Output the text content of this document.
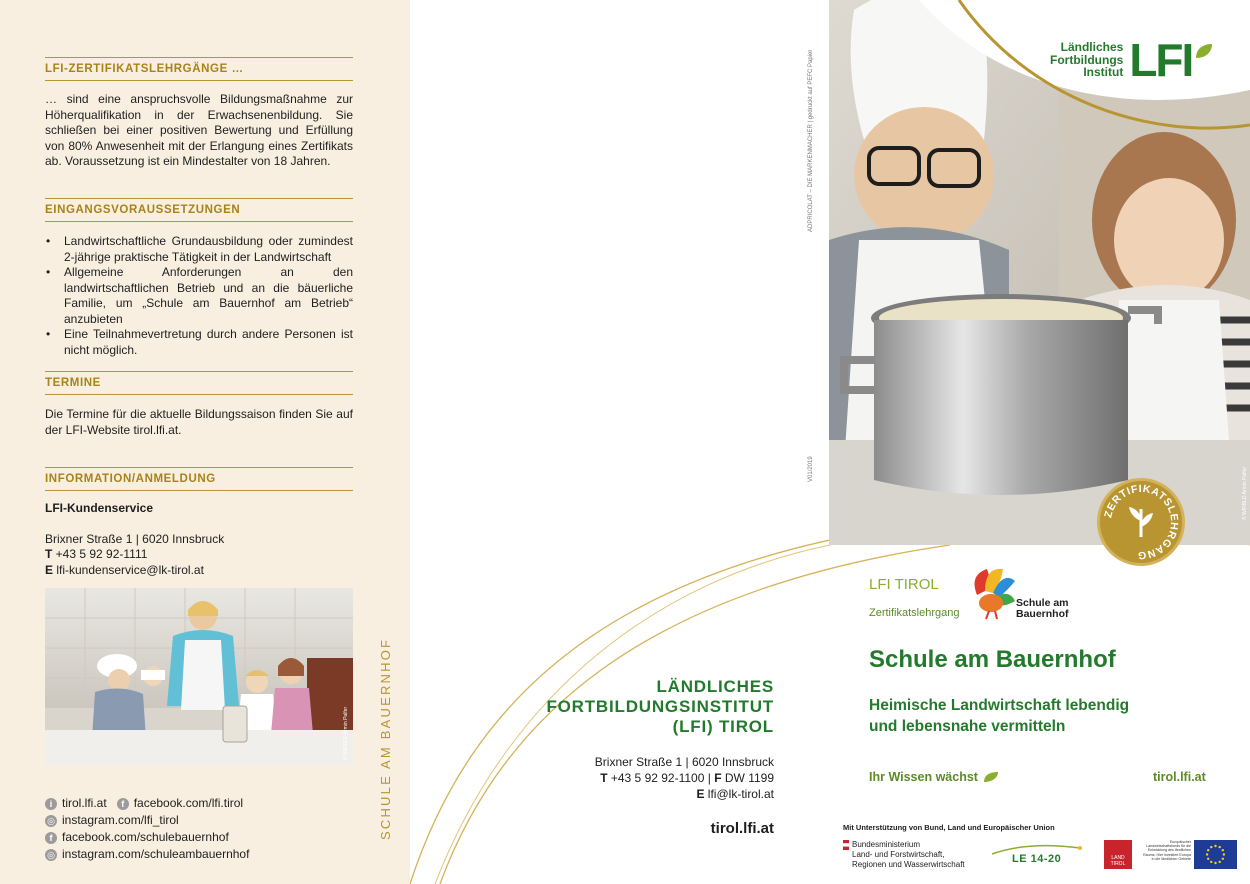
LFI-ZERTIFIKATSLEHRGÄNGE …
… sind eine anspruchsvolle Bildungsmaßnahme zur Höherqualifikation in der Erwachsenenbildung. Sie schließen bei einer positiven Bewertung und Erfüllung von 80% Anwesenheit mit der Erlangung eines Zertifikats ab. Voraussetzung ist ein Mindestalter von 18 Jahren.
EINGANGSVORAUSSETZUNGEN
• Landwirtschaftliche Grundausbildung oder zumindest 2-jährige praktische Tätigkeit in der Landwirtschaft
• Allgemeine Anforderungen an den landwirtschaftlichen Betrieb und an die bäuerliche Familie, um „Schule am Bauernhof am Betrieb“ anzubieten
• Eine Teilnahmevertretung durch andere Personen ist nicht möglich.
TERMINE
Die Termine für die aktuelle Bildungssaison finden Sie auf der LFI-Website tirol.lfi.at.
INFORMATION/ANMELDUNG
LFI-Kundenservice
Brixner Straße 1 | 6020 Innsbruck
T +43 5 92 92-1111
E lfi-kundenservice@lk-tirol.at
© WIRBLD Armin Palfer
i tirol.lfi.at	f facebook.com/lfi.tirol
◎ instagram.com/lfi_tirol
f facebook.com/schulebauernhof
◎ instagram.com/schuleambauernhof
SCHULE AM BAUERNHOF	LÄNDLICHES
FORTBILDUNGSINSTITUT
(LFI) TIROL
Brixner Straße 1 | 6020 Innsbruck
T +43 5 92 92-1100 | F DW 1199
E lfi@lk-tirol.at
tirol.lfi.at
ADPRICOLAT – DIE MARKENMACHER | gedruckt auf PEFC Papier
V01/2019	© WIRBLD Armin Palfer
Ländliches
Fortbildungs
Institut LFI
ZERTIFIKATSLEHRGANG
LFI TIROL
Zertifikatslehrgang
Schule am
Bauernhof
Schule am Bauernhof
Heimische Landwirtschaft lebendig
und lebensnahe vermitteln
Ihr Wissen wächst	tirol.lfi.at
Mit Unterstützung von Bund, Land und Europäischer Union
Bundesministerium
Land- und Forstwirtschaft,
Regionen und Wasserwirtschaft	LE 14-20	LAND TIROL
Europäischer Landwirtschaftsfonds für die Entwicklung des ländlichen Raums: Hier investiert Europa in die ländlichen Gebiete
